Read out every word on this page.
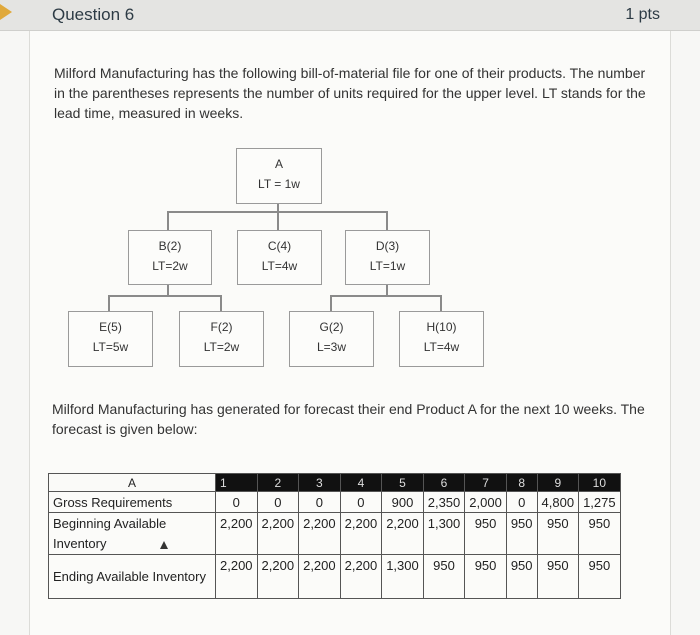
Question 6	1 pts
Milford Manufacturing has the following bill-of-material file for one of their products. The number in the parentheses represents the number of units required for the upper level. LT stands for the lead time, measured in weeks.
A
LT = 1w
B(2)
LT=2w
C(4)
LT=4w
D(3)
LT=1w
E(5)
LT=5w
F(2)
LT=2w
G(2)
L=3w
H(10)
LT=4w
Milford Manufacturing has generated for forecast their end Product A for the next 10 weeks. The forecast is given below:
A	1	2	3	4	5	6	7	8	9	10
Gross Requirements	0	0	0	0	900	2,350	2,000	0	4,800	1,275
Beginning Available Inventory	2,200	2,200	2,200	2,200	2,200	1,300	950	950	950	950
Ending Available Inventory	2,200	2,200	2,200	2,200	1,300	950	950	950	950	950
